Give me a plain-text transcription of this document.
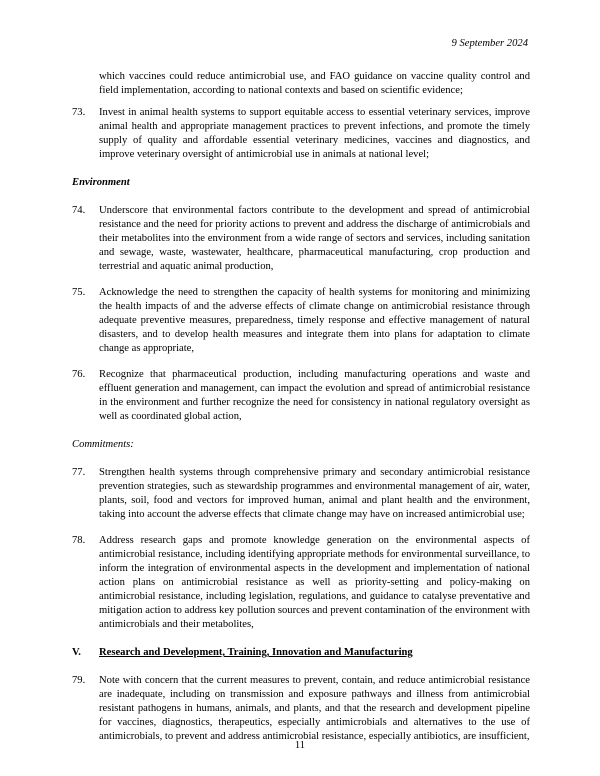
9 September 2024

which vaccines could reduce antimicrobial use, and FAO guidance on vaccine quality control and field implementation, according to national contexts and based on scientific evidence;

73.	Invest in animal health systems to support equitable access to essential veterinary services, improve animal health and appropriate management practices to prevent infections, and promote the timely supply of quality and affordable essential veterinary medicines, vaccines and diagnostics, and improve veterinary oversight of antimicrobial use in animals at national level;

Environment
74.	Underscore that environmental factors contribute to the development and spread of antimicrobial resistance and the need for priority actions to prevent and address the discharge of antimicrobials and their metabolites into the environment from a wide range of sectors and services, including sanitation and sewage, waste, wastewater, healthcare, pharmaceutical manufacturing, crop production and terrestrial and aquatic animal production,

75.	Acknowledge the need to strengthen the capacity of health systems for monitoring and minimizing the health impacts of and the adverse effects of climate change on antimicrobial resistance through adequate preventive measures, preparedness, timely response and effective management of natural disasters, and to develop health measures and integrate them into plans for adaptation to climate change as appropriate,

76.	Recognize that pharmaceutical production, including manufacturing operations and waste and effluent generation and management, can impact the evolution and spread of antimicrobial resistance in the environment and further recognize the need for consistency in national regulatory oversight as well as coordinated global action,

Commitments:
77.	Strengthen health systems through comprehensive primary and secondary antimicrobial resistance prevention strategies, such as stewardship programmes and environmental management of air, water, plants, soil, food and vectors for improved human, animal and plant health and the environment, taking into account the adverse effects that climate change may have on increased antimicrobial use;

78.	Address research gaps and promote knowledge generation on the environmental aspects of antimicrobial resistance, including identifying appropriate methods for environmental surveillance, to inform the integration of environmental aspects in the development and implementation of national action plans on antimicrobial resistance as well as priority-setting and policy-making on antimicrobial resistance, including legislation, regulations, and guidance to catalyse preventative and mitigation action to address key pollution sources and prevent contamination of the environment with antimicrobials and their metabolites,

V.	Research and Development, Training, Innovation and Manufacturing
79.	Note with concern that the current measures to prevent, contain, and reduce antimicrobial resistance are inadequate, including on transmission and exposure pathways and illness from antimicrobial resistant pathogens in humans, animals, and plants, and that the research and development pipeline for vaccines, diagnostics, therapeutics, especially antimicrobials and alternatives to the use of antimicrobials, to prevent and address antimicrobial resistance, especially antibiotics, are insufficient,

11
